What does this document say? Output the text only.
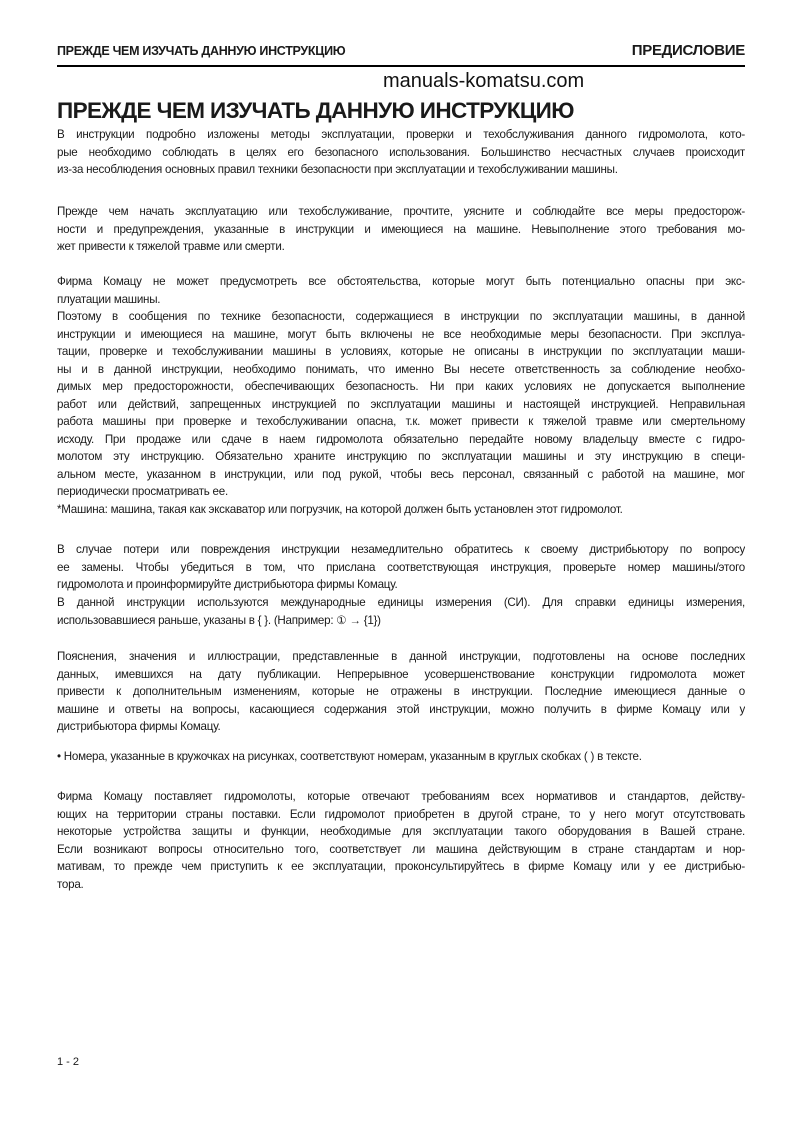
ПРЕЖДЕ ЧЕМ ИЗУЧАТЬ ДАННУЮ ИНСТРУКЦИЮ	ПРЕДИСЛОВИЕ
manuals-komatsu.com
ПРЕЖДЕ ЧЕМ ИЗУЧАТЬ ДАННУЮ ИНСТРУКЦИЮ
В инструкции подробно изложены методы эксплуатации, проверки и техобслуживания данного гидромолота, кото-
рые необходимо соблюдать в целях его безопасного использования. Большинство несчастных случаев происходит
из-за несоблюдения основных правил техники безопасности при эксплуатации и техобслуживании машины.
Прежде чем начать эксплуатацию или техобслуживание, прочтите, уясните и соблюдайте все меры предосторож-
ности и предупреждения, указанные в инструкции и имеющиеся на машине. Невыполнение этого требования мо-
жет привести к тяжелой травме или смерти.
Фирма Комацу не может предусмотреть все обстоятельства, которые могут быть потенциально опасны при экс-
плуатации машины.
Поэтому в сообщения по технике безопасности, содержащиеся в инструкции по эксплуатации машины, в данной
инструкции и имеющиеся на машине, могут быть включены не все необходимые меры безопасности. При эксплуа-
тации, проверке и техобслуживании машины в условиях, которые не описаны в инструкции по эксплуатации маши-
ны и в данной инструкции, необходимо понимать, что именно Вы несете ответственность за соблюдение необхо-
димых мер предосторожности, обеспечивающих безопасность. Ни при каких условиях не допускается выполнение
работ или действий, запрещенных инструкцией по эксплуатации машины и настоящей инструкцией. Неправильная
работа машины при проверке и техобслуживании опасна, т.к. может привести к тяжелой травме или смертельному
исходу. При продаже или сдаче в наем гидромолота обязательно передайте новому владельцу вместе с гидро-
молотом эту инструкцию. Обязательно храните инструкцию по эксплуатации машины и эту инструкцию в специ-
альном месте, указанном в инструкции, или под рукой, чтобы весь персонал, связанный с работой на машине, мог
периодически просматривать ее.
*Машина: машина, такая как экскаватор или погрузчик, на которой должен быть установлен этот гидромолот.
В случае потери или повреждения инструкции незамедлительно обратитесь к своему дистрибьютору по вопросу
ее замены. Чтобы убедиться в том, что прислана соответствующая инструкция, проверьте номер машины/этого
гидромолота и проинформируйте дистрибьютора фирмы Комацу.
В данной инструкции используются международные единицы измерения (СИ). Для справки единицы измерения,
использовавшиеся раньше, указаны в { }. (Например: ① → {1})
Пояснения, значения и иллюстрации, представленные в данной инструкции, подготовлены на основе последних
данных, имевшихся на дату публикации. Непрерывное усовершенствование конструкции гидромолота может
привести к дополнительным изменениям, которые не отражены в инструкции. Последние имеющиеся данные о
машине и ответы на вопросы, касающиеся содержания этой инструкции, можно получить в фирме Комацу или у
дистрибьютора фирмы Комацу.
• Номера, указанные в кружочках на рисунках, соответствуют номерам, указанным в круглых скобках ( ) в тексте.
Фирма Комацу поставляет гидромолоты, которые отвечают требованиям всех нормативов и стандартов, действу-
ющих на территории страны поставки. Если гидромолот приобретен в другой стране, то у него могут отсутствовать
некоторые устройства защиты и функции, необходимые для эксплуатации такого оборудования в Вашей стране.
Если возникают вопросы относительно того, соответствует ли машина действующим в стране стандартам и нор-
мативам, то прежде чем приступить к ее эксплуатации, проконсультируйтесь в фирме Комацу или у ее дистрибью-
тора.
1 - 2
